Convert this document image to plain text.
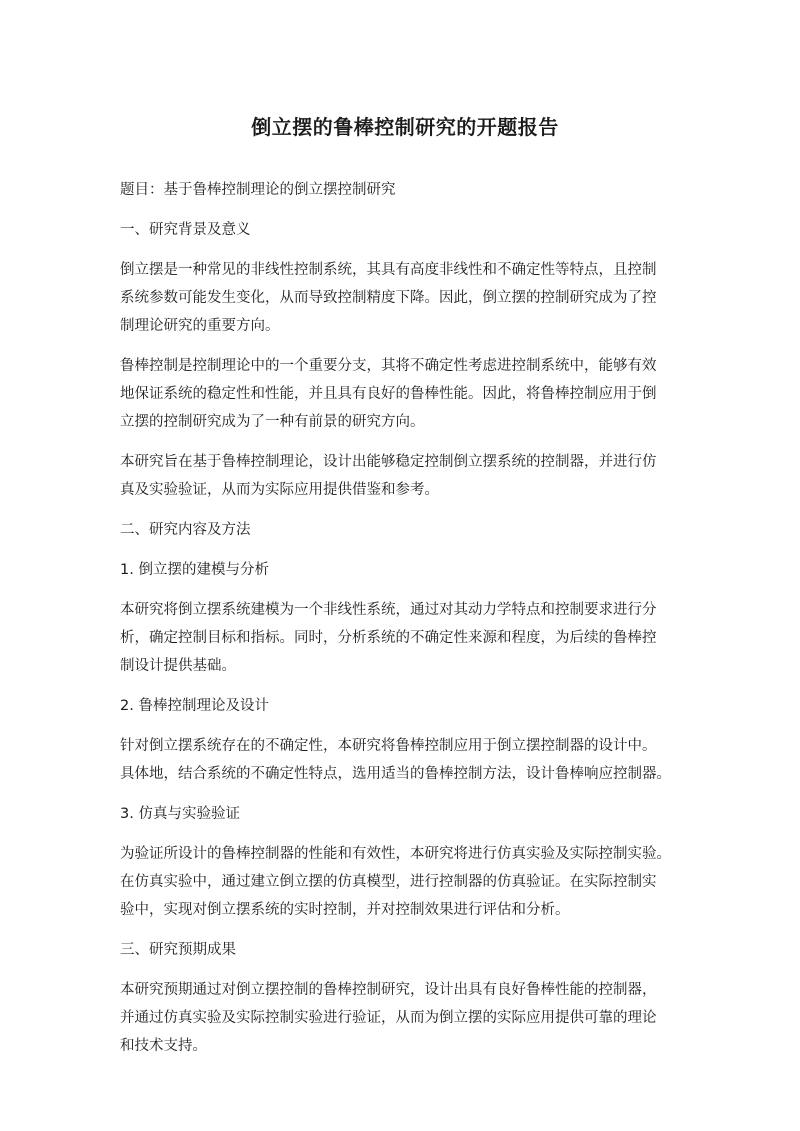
倒立摆的鲁棒控制研究的开题报告

题目：基于鲁棒控制理论的倒立摆控制研究

一、研究背景及意义

倒立摆是一种常见的非线性控制系统，其具有高度非线性和不确定性等特点，且控制
系统参数可能发生变化，从而导致控制精度下降。因此，倒立摆的控制研究成为了控
制理论研究的重要方向。

鲁棒控制是控制理论中的一个重要分支，其将不确定性考虑进控制系统中，能够有效
地保证系统的稳定性和性能，并且具有良好的鲁棒性能。因此，将鲁棒控制应用于倒
立摆的控制研究成为了一种有前景的研究方向。

本研究旨在基于鲁棒控制理论，设计出能够稳定控制倒立摆系统的控制器，并进行仿
真及实验验证，从而为实际应用提供借鉴和参考。

二、研究内容及方法

1. 倒立摆的建模与分析

本研究将倒立摆系统建模为一个非线性系统，通过对其动力学特点和控制要求进行分
析，确定控制目标和指标。同时，分析系统的不确定性来源和程度，为后续的鲁棒控
制设计提供基础。

2. 鲁棒控制理论及设计

针对倒立摆系统存在的不确定性，本研究将鲁棒控制应用于倒立摆控制器的设计中。
具体地，结合系统的不确定性特点，选用适当的鲁棒控制方法，设计鲁棒响应控制器。

3. 仿真与实验验证

为验证所设计的鲁棒控制器的性能和有效性，本研究将进行仿真实验及实际控制实验。
在仿真实验中，通过建立倒立摆的仿真模型，进行控制器的仿真验证。在实际控制实
验中，实现对倒立摆系统的实时控制，并对控制效果进行评估和分析。

三、研究预期成果

本研究预期通过对倒立摆控制的鲁棒控制研究，设计出具有良好鲁棒性能的控制器，
并通过仿真实验及实际控制实验进行验证，从而为倒立摆的实际应用提供可靠的理论
和技术支持。
